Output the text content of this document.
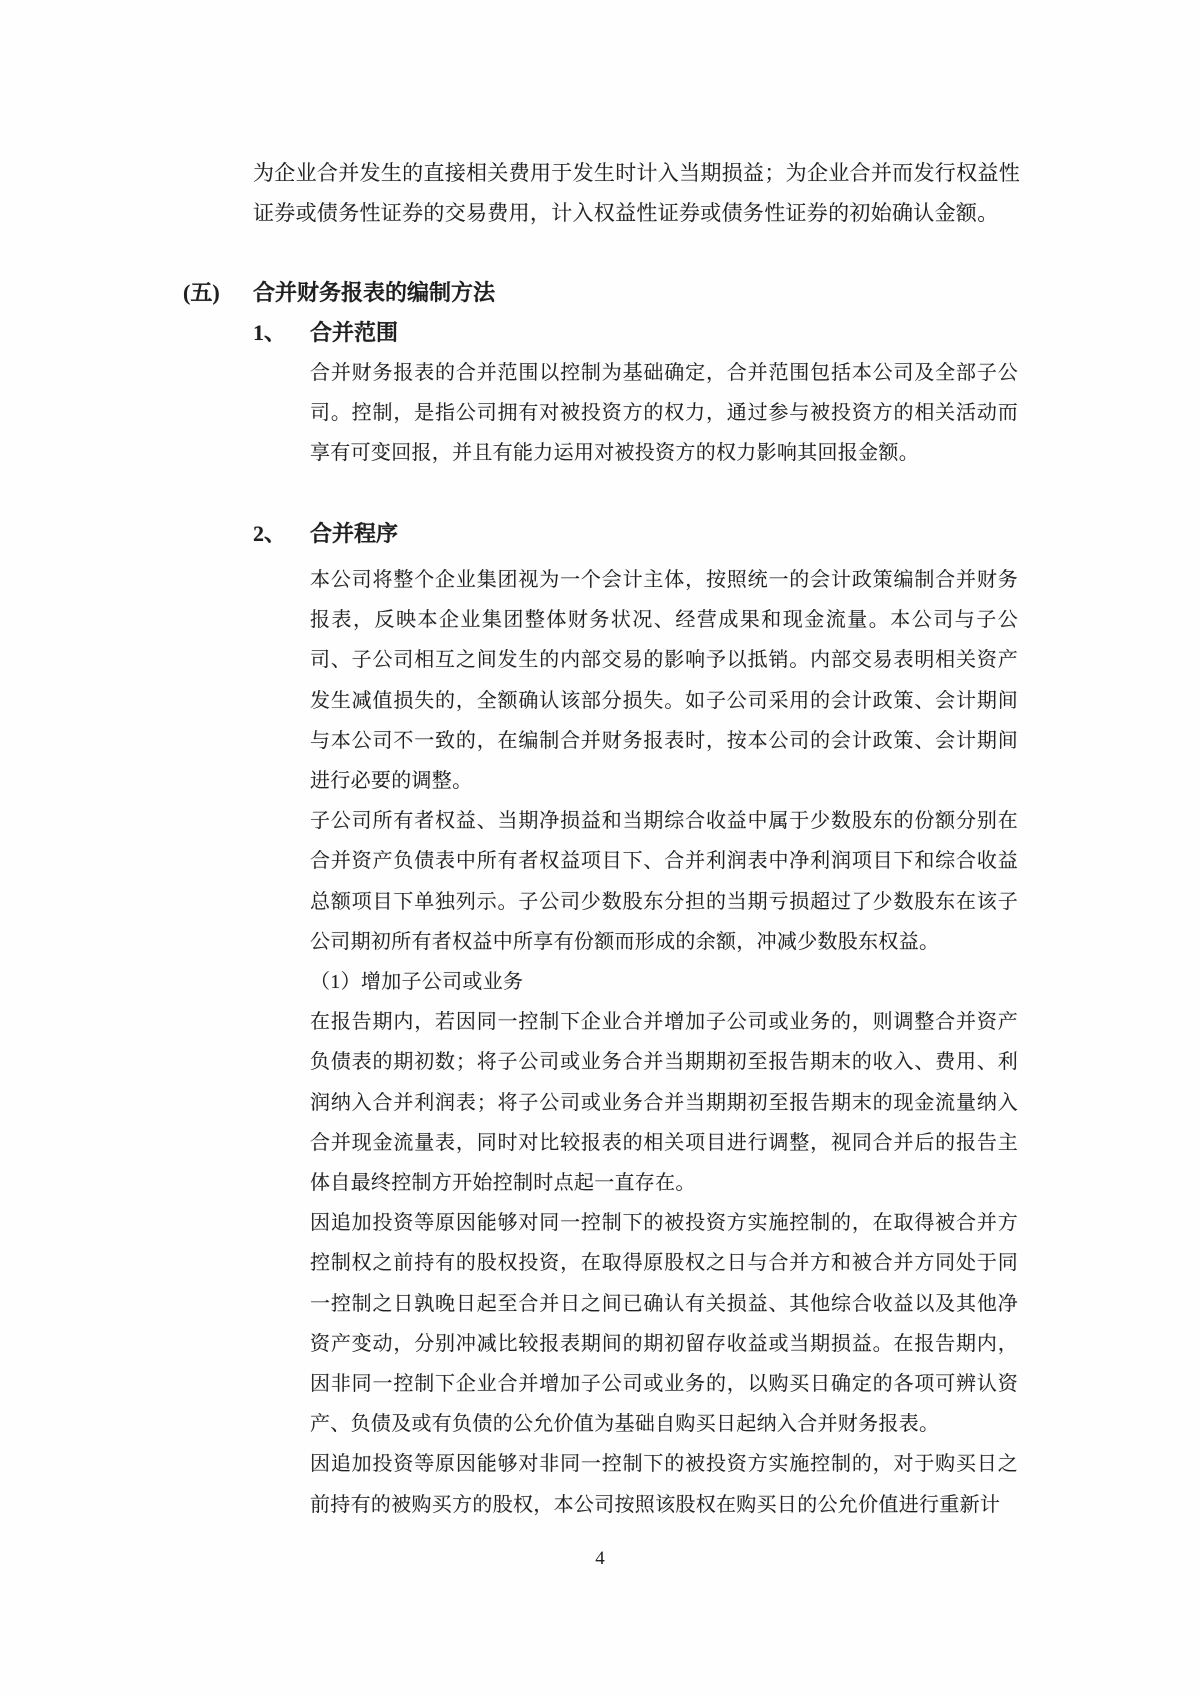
为企业合并发生的直接相关费用于发生时计入当期损益；为企业合并而发行权益性证券或债务性证券的交易费用，计入权益性证券或债务性证券的初始确认金额。

(五) 合并财务报表的编制方法
1、 合并范围

合并财务报表的合并范围以控制为基础确定，合并范围包括本公司及全部子公司。控制，是指公司拥有对被投资方的权力，通过参与被投资方的相关活动而享有可变回报，并且有能力运用对被投资方的权力影响其回报金额。

2、 合并程序

本公司将整个企业集团视为一个会计主体，按照统一的会计政策编制合并财务报表，反映本企业集团整体财务状况、经营成果和现金流量。本公司与子公司、子公司相互之间发生的内部交易的影响予以抵销。内部交易表明相关资产发生减值损失的，全额确认该部分损失。如子公司采用的会计政策、会计期间与本公司不一致的，在编制合并财务报表时，按本公司的会计政策、会计期间进行必要的调整。

子公司所有者权益、当期净损益和当期综合收益中属于少数股东的份额分别在合并资产负债表中所有者权益项目下、合并利润表中净利润项目下和综合收益总额项目下单独列示。子公司少数股东分担的当期亏损超过了少数股东在该子公司期初所有者权益中所享有份额而形成的余额，冲减少数股东权益。

（1）增加子公司或业务

在报告期内，若因同一控制下企业合并增加子公司或业务的，则调整合并资产负债表的期初数；将子公司或业务合并当期期初至报告期末的收入、费用、利润纳入合并利润表；将子公司或业务合并当期期初至报告期末的现金流量纳入合并现金流量表，同时对比较报表的相关项目进行调整，视同合并后的报告主体自最终控制方开始控制时点起一直存在。

因追加投资等原因能够对同一控制下的被投资方实施控制的，在取得被合并方控制权之前持有的股权投资，在取得原股权之日与合并方和被合并方同处于同一控制之日孰晚日起至合并日之间已确认有关损益、其他综合收益以及其他净资产变动，分别冲减比较报表期间的期初留存收益或当期损益。在报告期内，因非同一控制下企业合并增加子公司或业务的，以购买日确定的各项可辨认资产、负债及或有负债的公允价值为基础自购买日起纳入合并财务报表。

因追加投资等原因能够对非同一控制下的被投资方实施控制的，对于购买日之前持有的被购买方的股权，本公司按照该股权在购买日的公允价值进行重新计

4
